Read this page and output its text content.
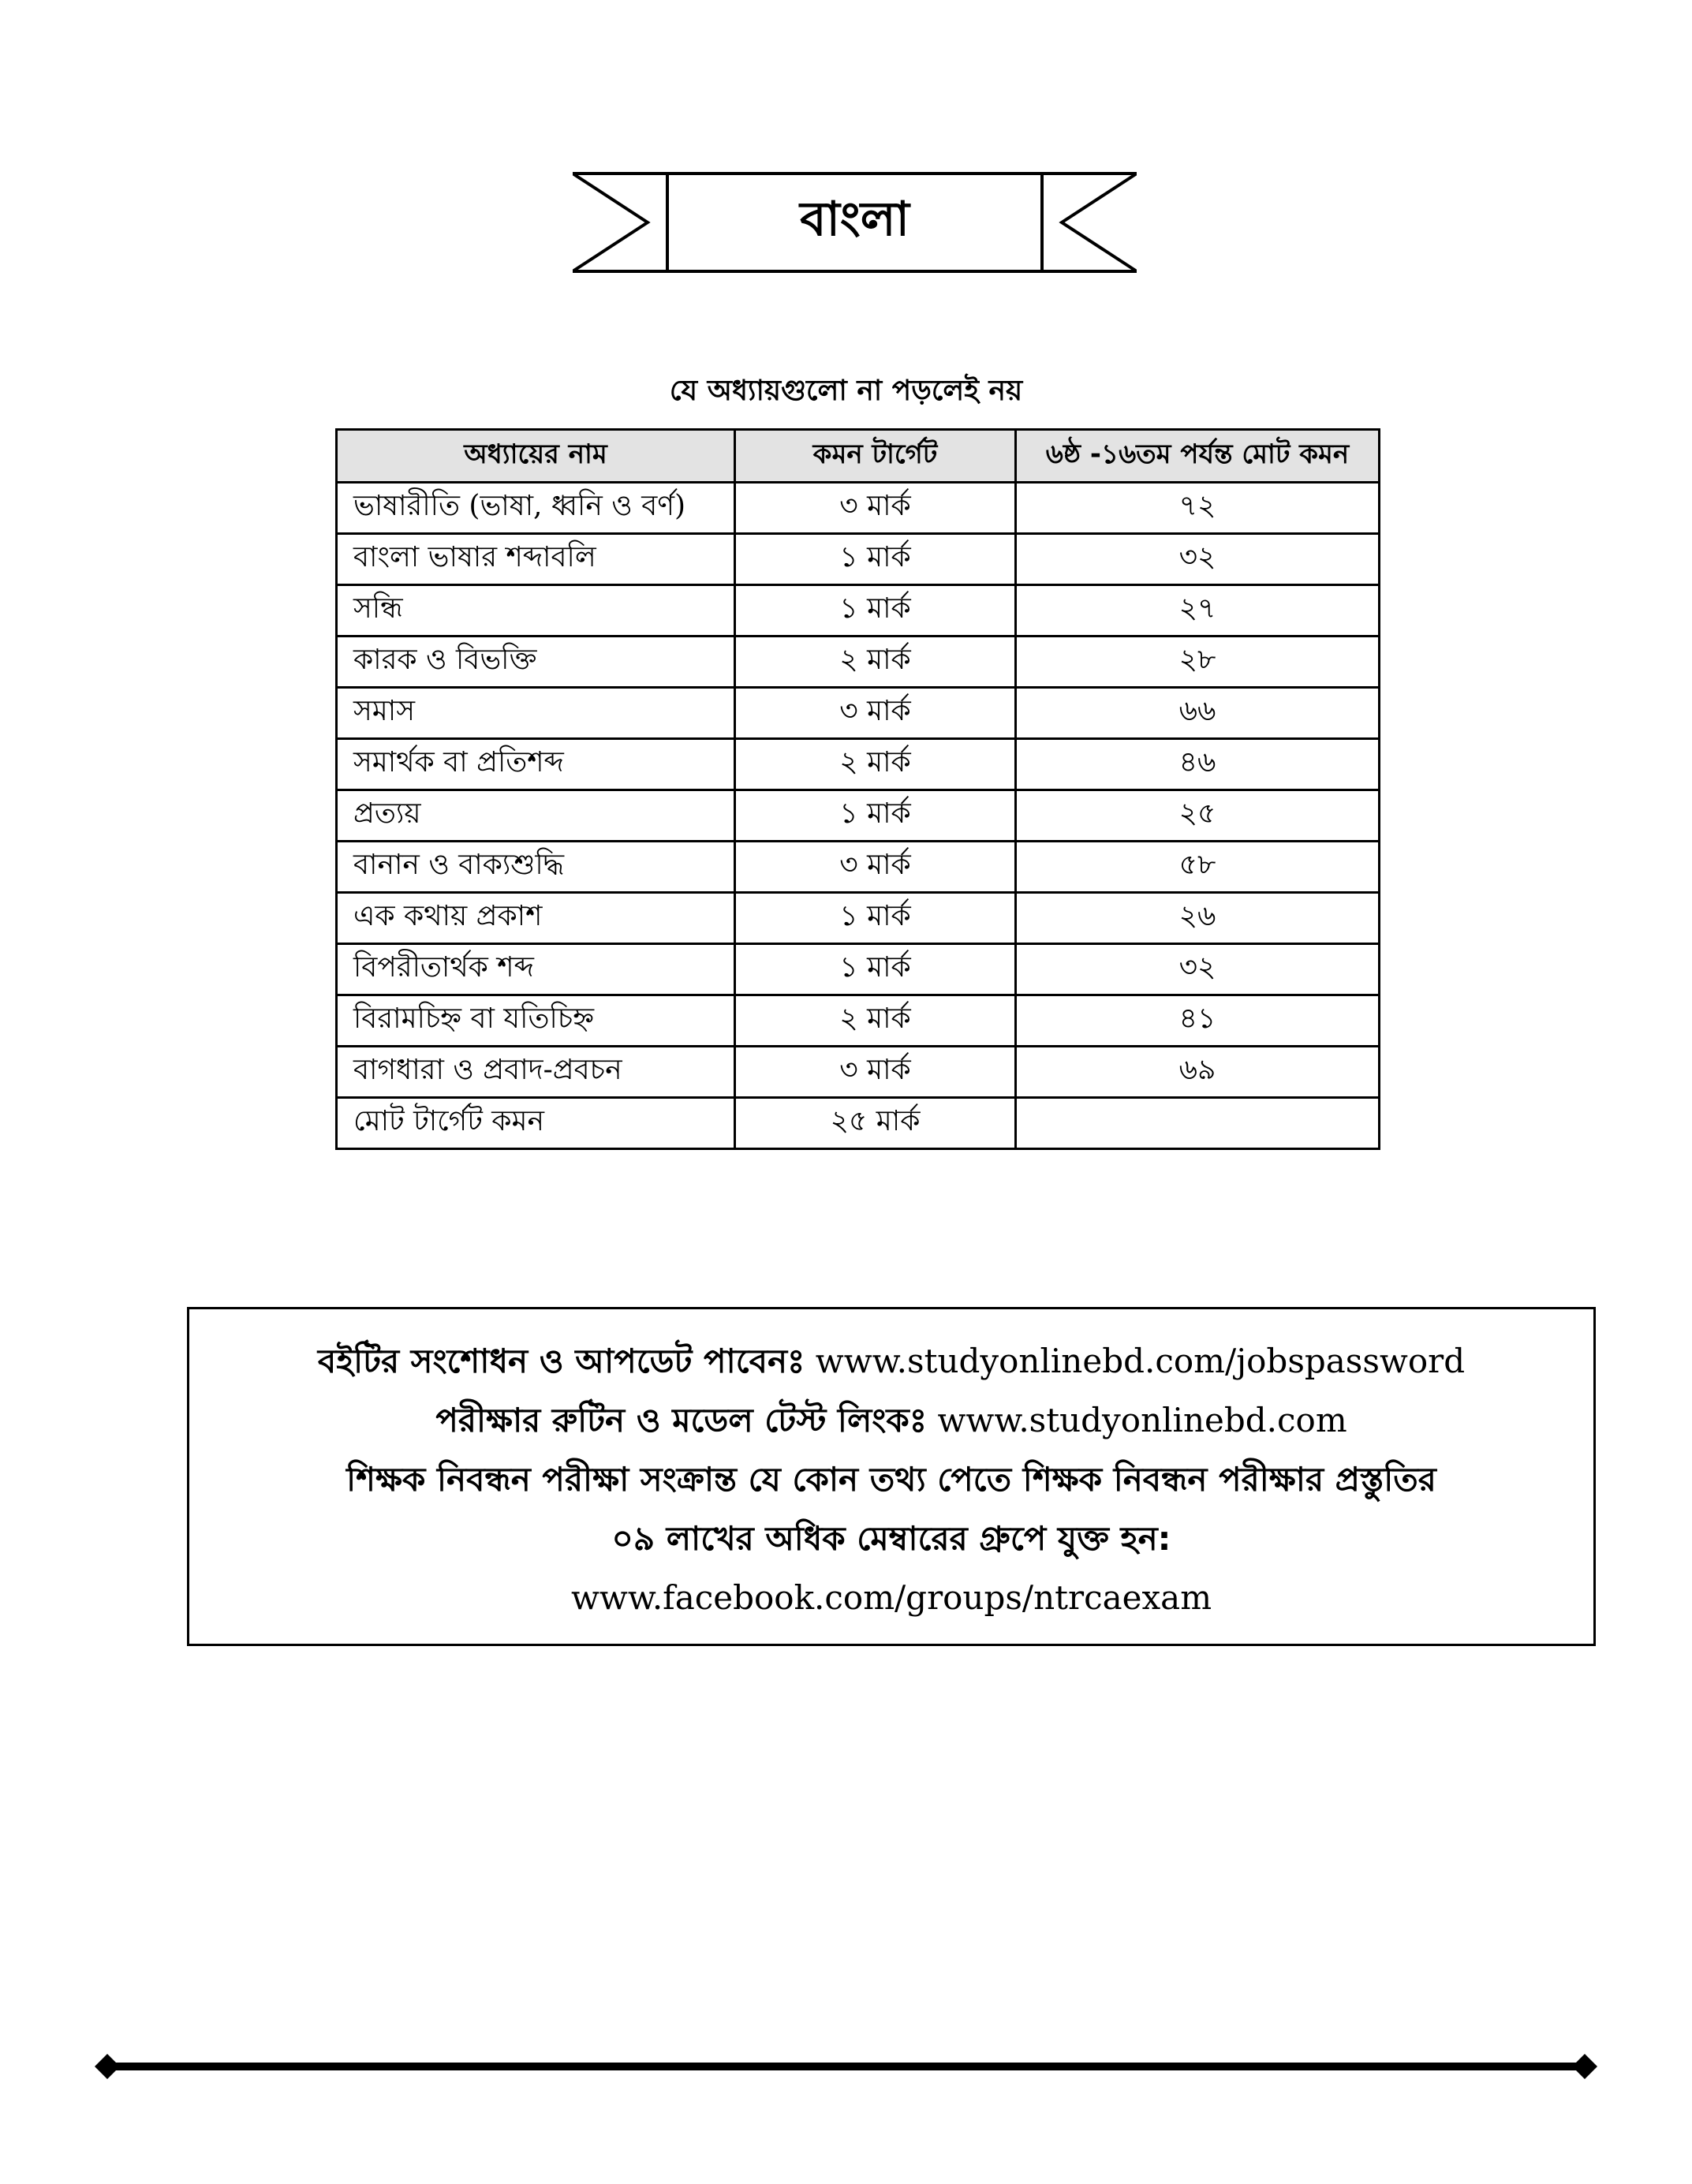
বাংলা
যে অধ্যায়গুলো না পড়লেই নয়
অধ্যায়ের নাম	কমন টার্গেট	৬ষ্ঠ -১৬তম পর্যন্ত মোট কমন
ভাষারীতি (ভাষা, ধ্বনি ও বর্ণ)	৩ মার্ক	৭২
বাংলা ভাষার শব্দাবলি	১ মার্ক	৩২
সন্ধি	১ মার্ক	২৭
কারক ও বিভক্তি	২ মার্ক	২৮
সমাস	৩ মার্ক	৬৬
সমার্থক বা প্রতিশব্দ	২ মার্ক	৪৬
প্রত্যয়	১ মার্ক	২৫
বানান ও বাক্যশুদ্ধি	৩ মার্ক	৫৮
এক কথায় প্রকাশ	১ মার্ক	২৬
বিপরীতার্থক শব্দ	১ মার্ক	৩২
বিরামচিহ্ন বা যতিচিহ্ন	২ মার্ক	৪১
বাগধারা ও প্রবাদ-প্রবচন	৩ মার্ক	৬৯
মোট টার্গেট কমন	২৫ মার্ক	
বইটির সংশোধন ও আপডেট পাবেনঃ www.studyonlinebd.com/jobspassword
পরীক্ষার রুটিন ও মডেল টেস্ট লিংকঃ www.studyonlinebd.com
শিক্ষক নিবন্ধন পরীক্ষা সংক্রান্ত যে কোন তথ্য পেতে শিক্ষক নিবন্ধন পরীক্ষার প্রস্তুতির
০৯ লাখের অধিক মেম্বারের গ্রুপে যুক্ত হন:
www.facebook.com/groups/ntrcaexam
